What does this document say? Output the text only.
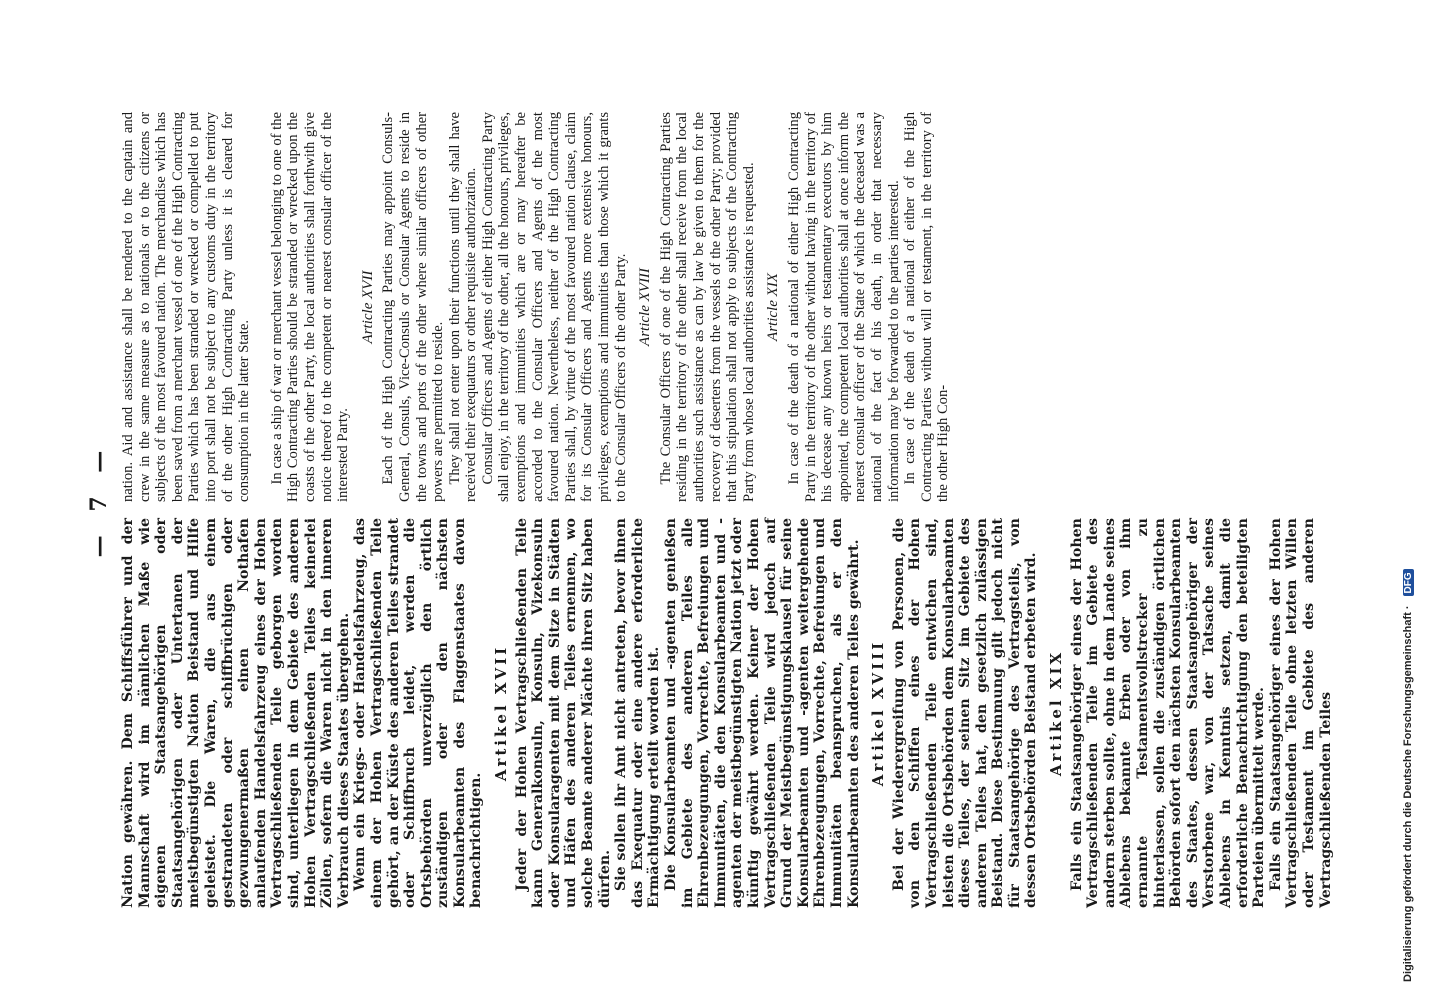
— 7 —

Nation gewähren. Dem Schiffsführer und der Mannschaft wird im nämlichen Maße wie eigenen Staatsangehörigen oder Staatsangehörigen oder Untertanen der meistbegünstigten Nation Beistand und Hilfe geleistet. Die Waren, die aus einem gestrandeten oder schiffbrüchigen oder gezwungenermaßen einen Nothafen anlaufenden Handelsfahrzeug eines der Hohen Vertragschließenden Teile geborgen worden sind, unterliegen in dem Gebiete des anderen Hohen Vertragschließenden Teiles keinerlei Zöllen, sofern die Waren nicht in den inneren Verbrauch dieses Staates übergehen. Wenn ein Kriegs- oder Handelsfahrzeug, das einem der Hohen Vertragschließenden Teile gehört, an der Küste des anderen Teiles strandet oder Schiffbruch leidet, werden die Ortsbehörden unverzüglich den örtlich zuständigen oder den nächsten Konsularbeamten des Flaggenstaates davon benachrichtigen.

Artikel XVII Jeder der Hohen Vertragschließenden Teile kann Generalkonsuln, Konsuln, Vizekonsuln oder Konsularagenten mit dem Sitze in Städten und Häfen des anderen Teiles ernennen, wo solche Beamte anderer Mächte ihren Sitz haben dürfen. Sie sollen ihr Amt nicht antreten, bevor ihnen das Exequatur oder eine andere erforderliche Ermächtigung erteilt worden ist. Die Konsularbeamten und -agenten genießen im Gebiete des anderen Teiles alle Ehrenbezeugungen, Vorrechte, Befreiungen und Immunitäten, die den Konsularbeamten und -agenten der meistbegünstigten Nation jetzt oder künftig gewährt werden. Keiner der Hohen Vertragschließenden Teile wird jedoch auf Grund der Meistbegünstigungsklausel für seine Konsularbeamten und -agenten weitergehende Ehrenbezeugungen, Vorrechte, Befreiungen und Immunitäten beanspruchen, als er den Konsularbeamten des anderen Teiles gewährt. Artikel XVIII Bei der Wiederergreifung von Personen, die von den Schiffen eines der Hohen Vertragschließenden Teile entwichen sind, leisten die Ortsbehörden dem Konsularbeamten dieses Teiles, der seinen Sitz im Gebiete des anderen Teiles hat, den gesetzlich zulässigen Beistand. Diese Bestimmung gilt jedoch nicht für Staatsangehörige des Vertragsteils, von dessen Ortsbehörden Beistand erbeten wird. Artikel XIX Falls ein Staatsangehöriger eines der Hohen Vertragschließenden Teile im Gebiete des andern sterben sollte, ohne in dem Lande seines Ablebens bekannte Erben oder von ihm ernannte Testamentsvollstrecker zu hinterlassen, sollen die zuständigen örtlichen Behörden sofort den nächsten Konsularbeamten des Staates, dessen Staatsangehöriger der Verstorbene war, von der Tatsache seines Ablebens in Kenntnis setzen, damit die erforderliche Benachrichtigung den beteiligten Parteien übermittelt werde. Falls ein Staatsangehöriger eines der Hohen Vertragschließenden Teile ohne letzten Willen oder Testament im Gebiete des anderen Vertragschließenden Teiles

nation. Aid and assistance shall be rendered to the captain and crew in the same measure as to nationals or to the citizens or subjects of the most favoured nation. The merchandise which has been saved from a merchant vessel of one of the High Contracting Parties which has been stranded or wrecked or compelled to put into port shall not be subject to any customs duty in the territory of the other High Contracting Party unless it is cleared for consumption in the latter State. In case a ship of war or merchant vessel belonging to one of the High Contracting Parties should be stranded or wrecked upon the coasts of the other Party, the local authorities shall forthwith give notice thereof to the competent or nearest consular officer of the interested Party.

Article XVII Each of the High Contracting Parties may appoint Consuls-General, Consuls, Vice-Consuls or Consular Agents to reside in the towns and ports of the other where similar officers of other powers are permitted to reside. They shall not enter upon their functions until they shall have received their exequaturs or other requisite authorization. Consular Officers and Agents of either High Contracting Party shall enjoy, in the territory of the other, all the honours, privileges, exemptions and immunities which are or may hereafter be accorded to the Consular Officers and Agents of the most favoured nation. Nevertheless, neither of the High Contracting Parties shall, by virtue of the most favoured nation clause, claim for its Consular Officers and Agents more extensive honours, privileges, exemptions and immunities than those which it grants to the Consular Officers of the other Party. Article XVIII The Consular Officers of one of the High Contracting Parties residing in the territory of the other shall receive from the local authorities such assistance as can by law be given to them for the recovery of deserters from the vessels of the other Party; provided that this stipulation shall not apply to subjects of the Contracting Party from whose local authorities assistance is requested. Article XIX In case of the death of a national of either High Contracting Party in the territory of the other without having in the territory of his decease any known heirs or testamentary executors by him appointed, the competent local authorities shall at once inform the nearest consular officer of the State of which the deceased was a national of the fact of his death, in order that necessary information may be forwarded to the parties interested. In case of the death of a national of either of the High Contracting Parties without will or testament, in the territory of the other High Con-

Digitalisierung gefördert durch die Deutsche Forschungsgemeinschaft · DFG
